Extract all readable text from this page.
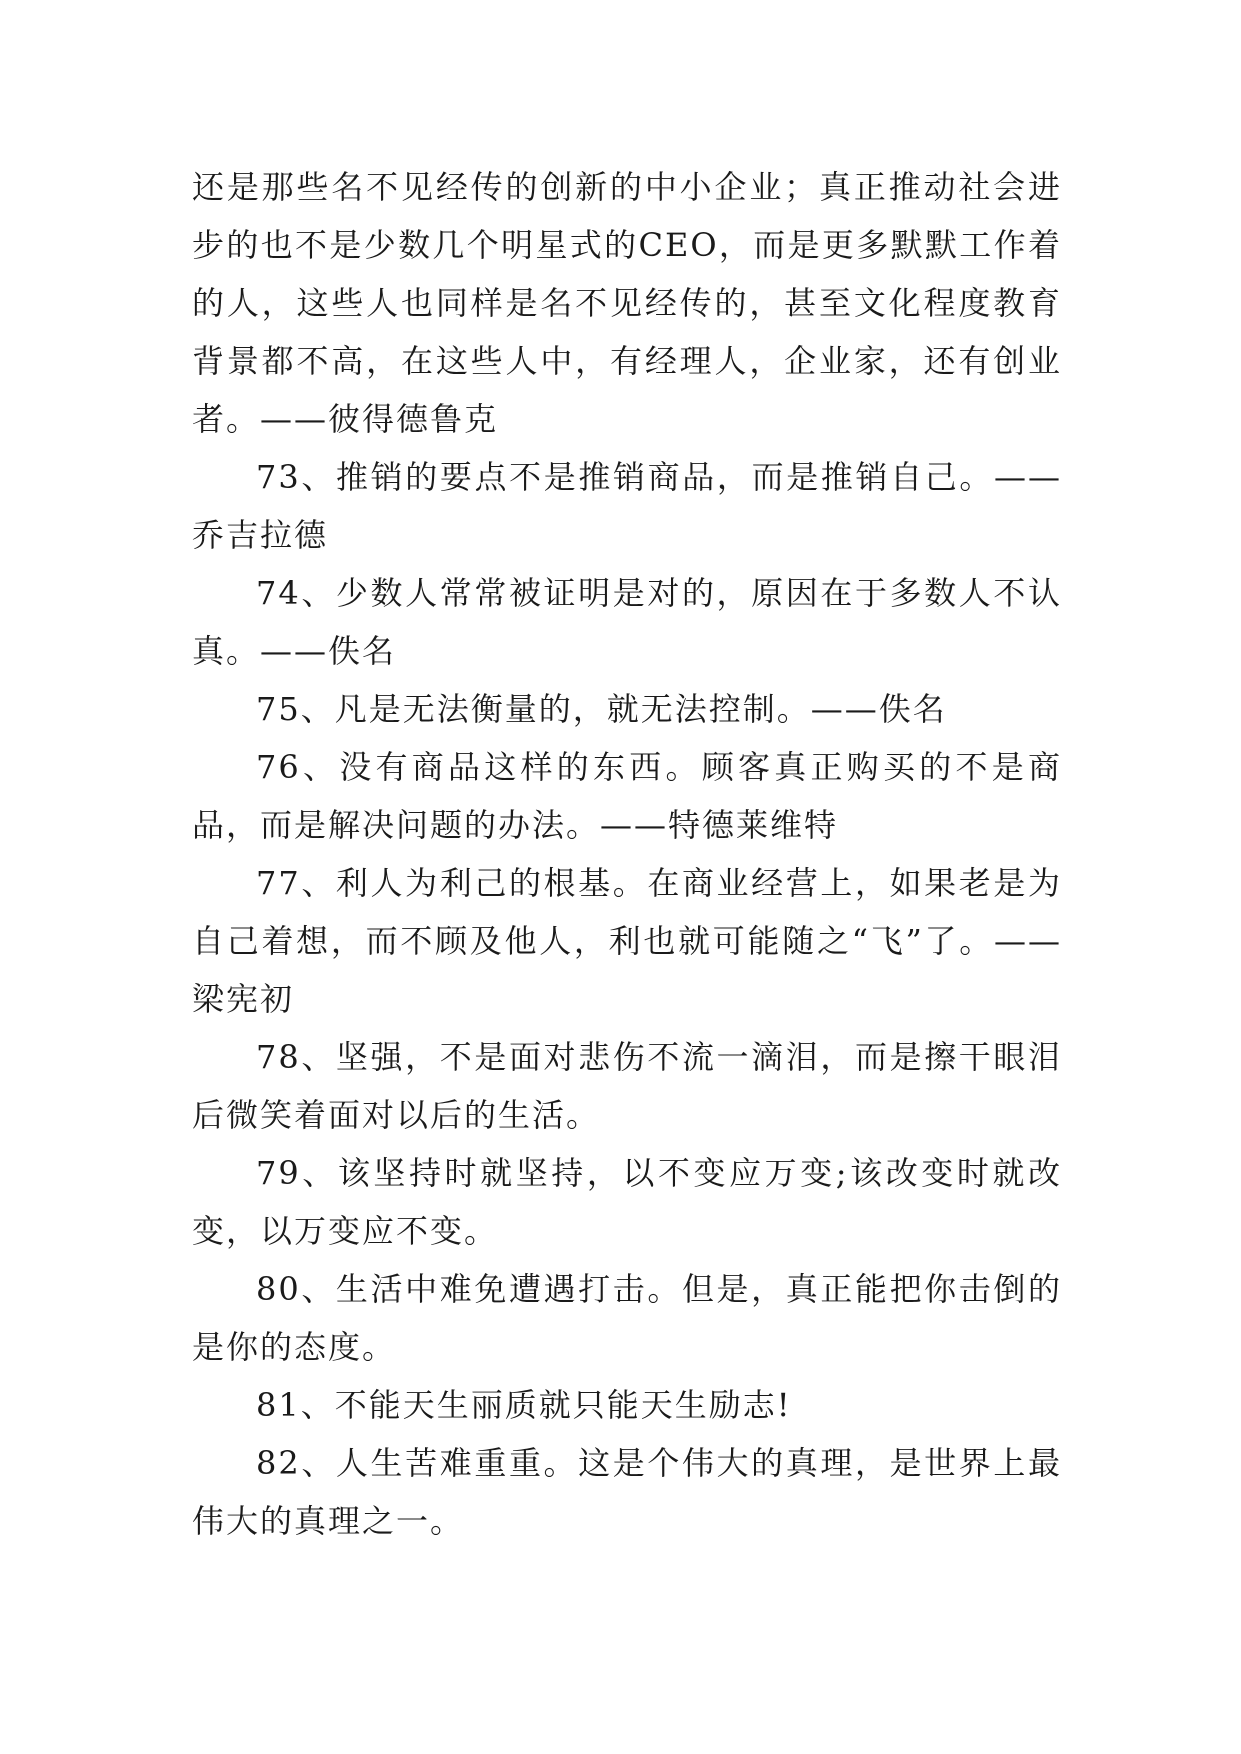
还是那些名不见经传的创新的中小企业；真正推动社会进步的也不是少数几个明星式的CEO，而是更多默默工作着的人，这些人也同样是名不见经传的，甚至文化程度教育背景都不高，在这些人中，有经理人，企业家，还有创业者。——彼得德鲁克

73、推销的要点不是推销商品，而是推销自己。——乔吉拉德

74、少数人常常被证明是对的，原因在于多数人不认真。——佚名

75、凡是无法衡量的，就无法控制。——佚名

76、没有商品这样的东西。顾客真正购买的不是商品，而是解决问题的办法。——特德莱维特

77、利人为利己的根基。在商业经营上，如果老是为自己着想，而不顾及他人，利也就可能随之“飞”了。——梁宪初

78、坚强，不是面对悲伤不流一滴泪，而是擦干眼泪后微笑着面对以后的生活。

79、该坚持时就坚持，以不变应万变;该改变时就改变，以万变应不变。

80、生活中难免遭遇打击。但是，真正能把你击倒的是你的态度。

81、不能天生丽质就只能天生励志!

82、人生苦难重重。这是个伟大的真理，是世界上最伟大的真理之一。
